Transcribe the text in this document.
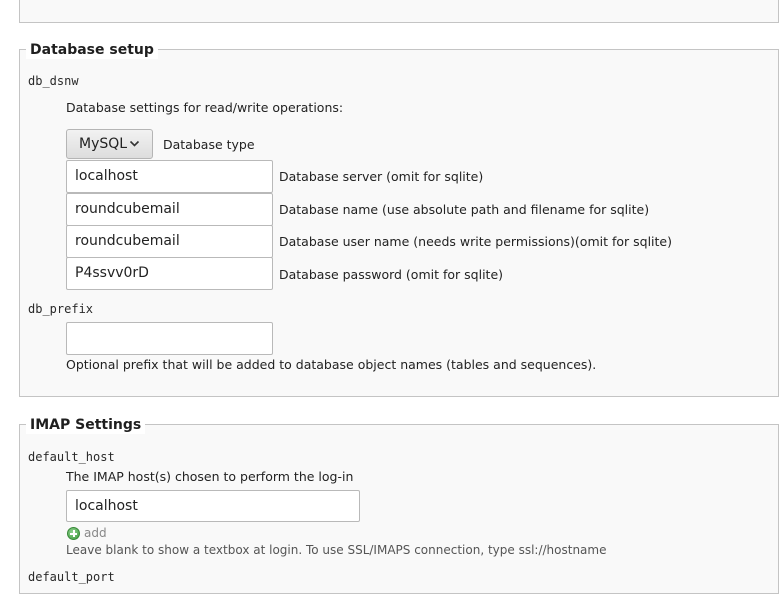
Database setup
db_dsnw
Database settings for read/write operations:
MySQL	Database type
localhost	Database server (omit for sqlite)
roundcubemail	Database name (use absolute path and filename for sqlite)
roundcubemail	Database user name (needs write permissions)(omit for sqlite)
P4ssvv0rD	Database password (omit for sqlite)
db_prefix
Optional prefix that will be added to database object names (tables and sequences).
IMAP Settings
default_host
The IMAP host(s) chosen to perform the log-in
localhost
add
Leave blank to show a textbox at login. To use SSL/IMAPS connection, type ssl://hostname
default_port
